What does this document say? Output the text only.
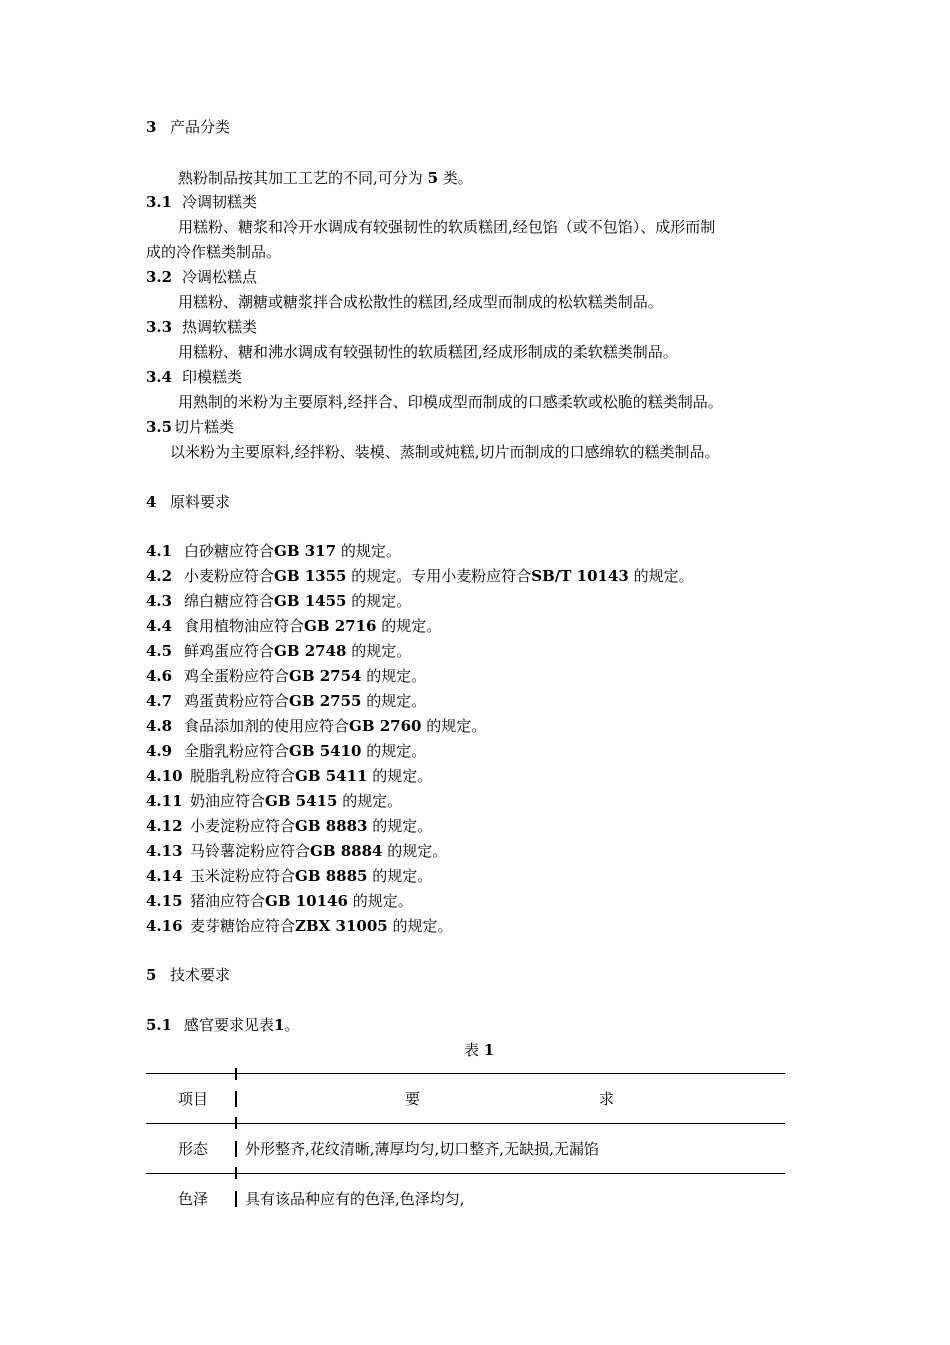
3 产品分类
熟粉制品按其加工工艺的不同,可分为 5 类。
3.1 冷调韧糕类
用糕粉、糖浆和冷开水调成有较强韧性的软质糕团,经包馅（或不包馅）、成形而制
成的冷作糕类制品。
3.2 冷调松糕点
用糕粉、潮糖或糖浆拌合成松散性的糕团,经成型而制成的松软糕类制品。
3.3 热调软糕类
用糕粉、糖和沸水调成有较强韧性的软质糕团,经成形制成的柔软糕类制品。
3.4 印模糕类
用熟制的米粉为主要原料,经拌合、印模成型而制成的口感柔软或松脆的糕类制品。
3.5 切片糕类
以米粉为主要原料,经拌粉、装模、蒸制或炖糕,切片而制成的口感绵软的糕类制品。
4 原料要求
4.1 白砂糖应符合GB 317 的规定。
4.2 小麦粉应符合GB 1355 的规定。专用小麦粉应符合SB/T 10143 的规定。
4.3 绵白糖应符合GB 1455 的规定。
4.4 食用植物油应符合GB 2716 的规定。
4.5 鲜鸡蛋应符合GB 2748 的规定。
4.6 鸡全蛋粉应符合GB 2754 的规定。
4.7 鸡蛋黄粉应符合GB 2755 的规定。
4.8 食品添加剂的使用应符合GB 2760 的规定。
4.9 全脂乳粉应符合GB 5410 的规定。
4.10 脱脂乳粉应符合GB 5411 的规定。
4.11 奶油应符合GB 5415 的规定。
4.12 小麦淀粉应符合GB 8883 的规定。
4.13 马铃薯淀粉应符合GB 8884 的规定。
4.14 玉米淀粉应符合GB 8885 的规定。
4.15 猪油应符合GB 10146 的规定。
4.16 麦芽糖饴应符合ZBX 31005 的规定。
5 技术要求
5.1 感官要求见表1。
表 1
项目	要	求
形态 外形整齐,花纹清晰,薄厚均匀,切口整齐,无缺损,无漏馅
色泽 具有该品种应有的色泽,色泽均匀,
